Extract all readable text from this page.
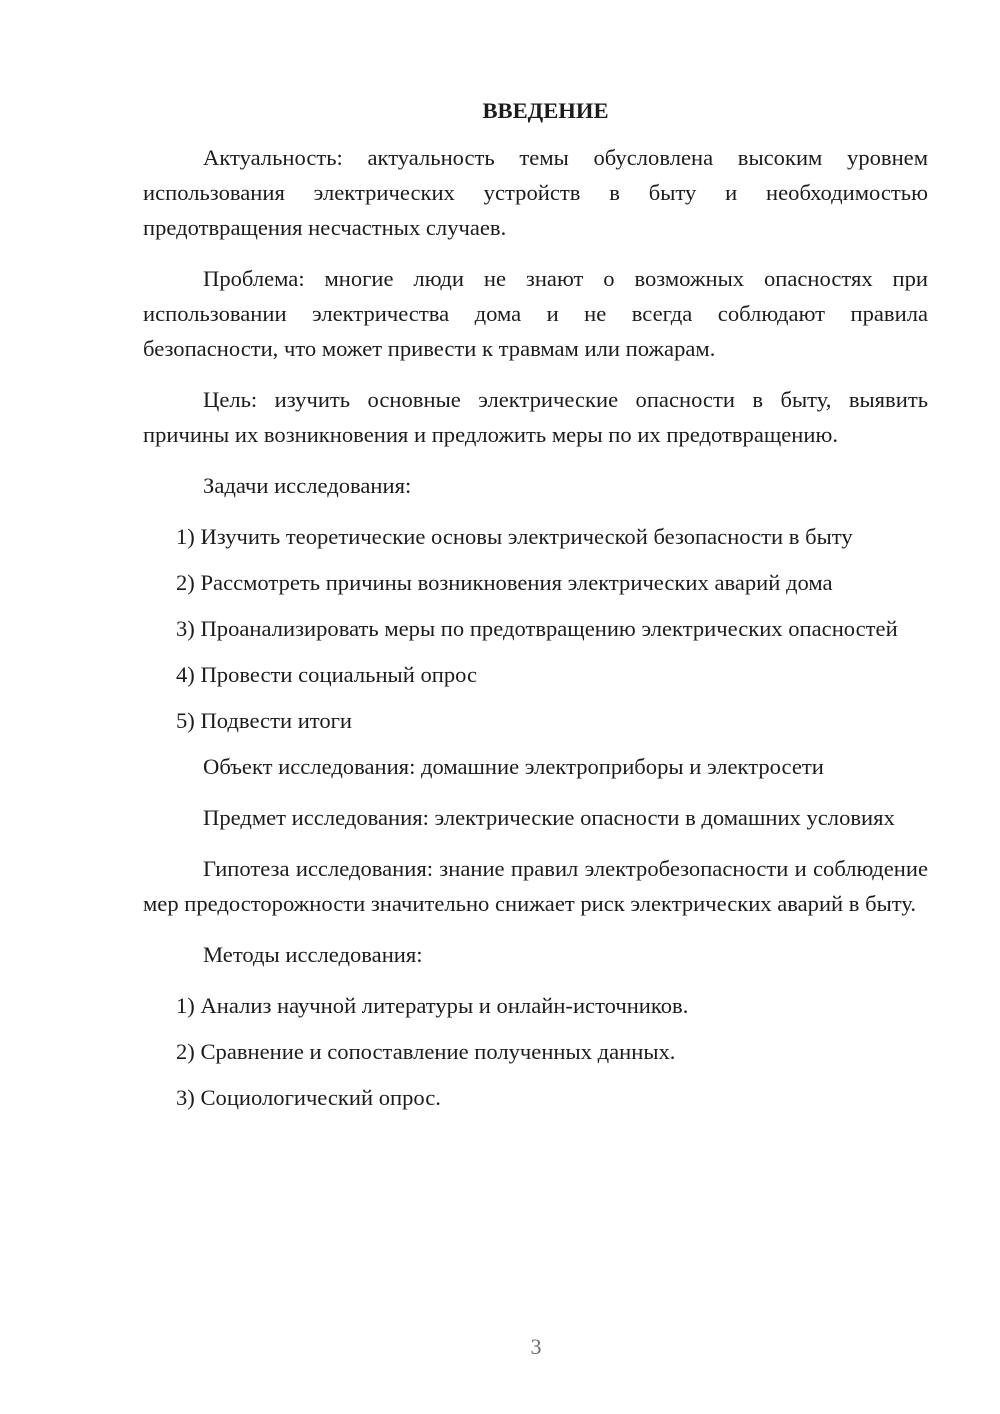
ВВЕДЕНИЕ

Актуальность: актуальность темы обусловлена высоким уровнем использования электрических устройств в быту и необходимостью предотвращения несчастных случаев.

Проблема: многие люди не знают о возможных опасностях при использовании электричества дома и не всегда соблюдают правила безопасности, что может привести к травмам или пожарам.

Цель: изучить основные электрические опасности в быту, выявить причины их возникновения и предложить меры по их предотвращению.

Задачи исследования:

1) Изучить теоретические основы электрической безопасности в быту

2) Рассмотреть причины возникновения электрических аварий дома

3) Проанализировать меры по предотвращению электрических опасностей

4) Провести социальный опрос

5) Подвести итоги

Объект исследования: домашние электроприборы и электросети

Предмет исследования: электрические опасности в домашних условиях

Гипотеза исследования: знание правил электробезопасности и соблюдение мер предосторожности значительно снижает риск электрических аварий в быту.

Методы исследования:

1) Анализ научной литературы и онлайн-источников.

2) Сравнение и сопоставление полученных данных.

3) Социологический опрос.

3
